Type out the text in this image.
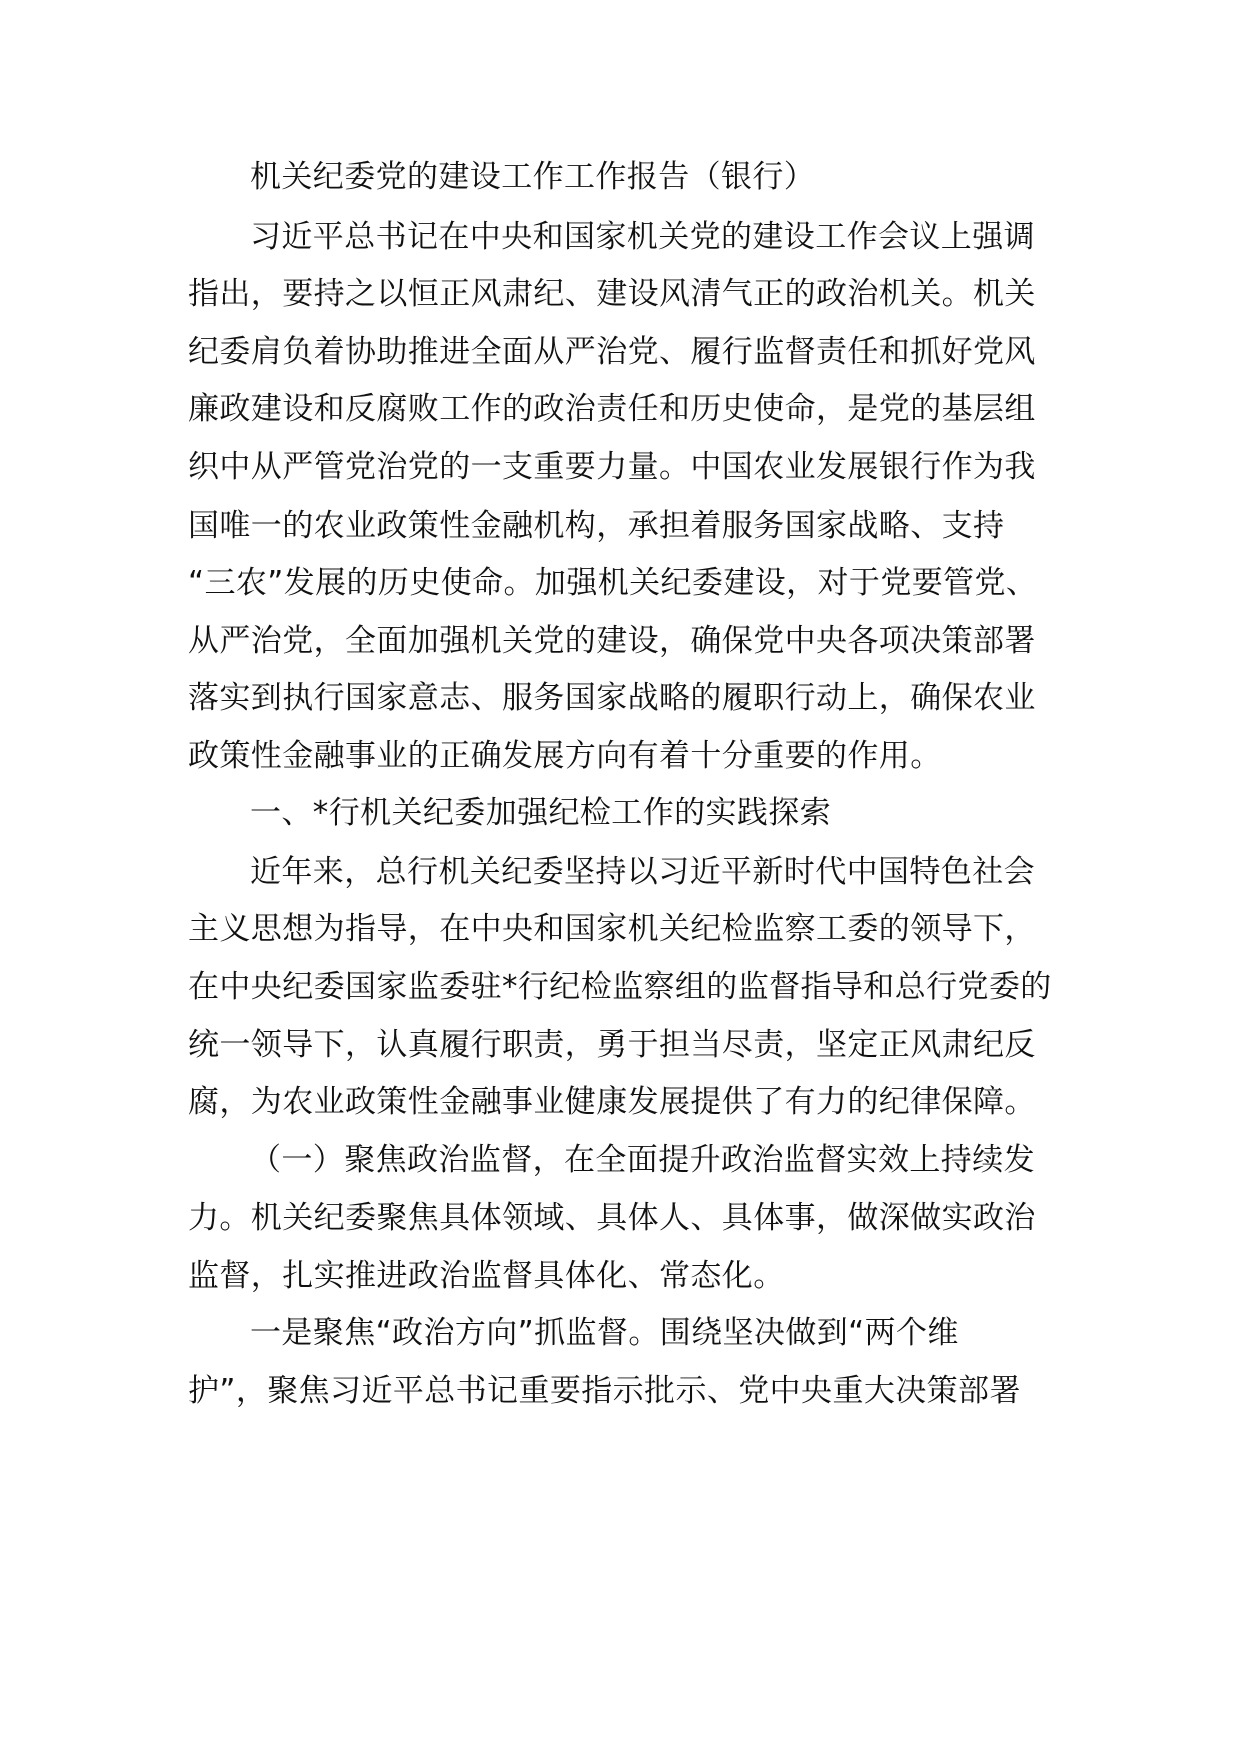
机关纪委党的建设工作工作报告（银行）
习近平总书记在中央和国家机关党的建设工作会议上强调
指出，要持之以恒正风肃纪、建设风清气正的政治机关。机关
纪委肩负着协助推进全面从严治党、履行监督责任和抓好党风
廉政建设和反腐败工作的政治责任和历史使命，是党的基层组
织中从严管党治党的一支重要力量。中国农业发展银行作为我
国唯一的农业政策性金融机构，承担着服务国家战略、支持
“三农”发展的历史使命。加强机关纪委建设，对于党要管党、
从严治党，全面加强机关党的建设，确保党中央各项决策部署
落实到执行国家意志、服务国家战略的履职行动上，确保农业
政策性金融事业的正确发展方向有着十分重要的作用。
一、*行机关纪委加强纪检工作的实践探索
近年来，总行机关纪委坚持以习近平新时代中国特色社会
主义思想为指导，在中央和国家机关纪检监察工委的领导下，
在中央纪委国家监委驻*行纪检监察组的监督指导和总行党委的
统一领导下，认真履行职责，勇于担当尽责，坚定正风肃纪反
腐，为农业政策性金融事业健康发展提供了有力的纪律保障。
（一）聚焦政治监督，在全面提升政治监督实效上持续发
力。机关纪委聚焦具体领域、具体人、具体事，做深做实政治
监督，扎实推进政治监督具体化、常态化。
一是聚焦“政治方向”抓监督。围绕坚决做到“两个维
护”，聚焦习近平总书记重要指示批示、党中央重大决策部署
